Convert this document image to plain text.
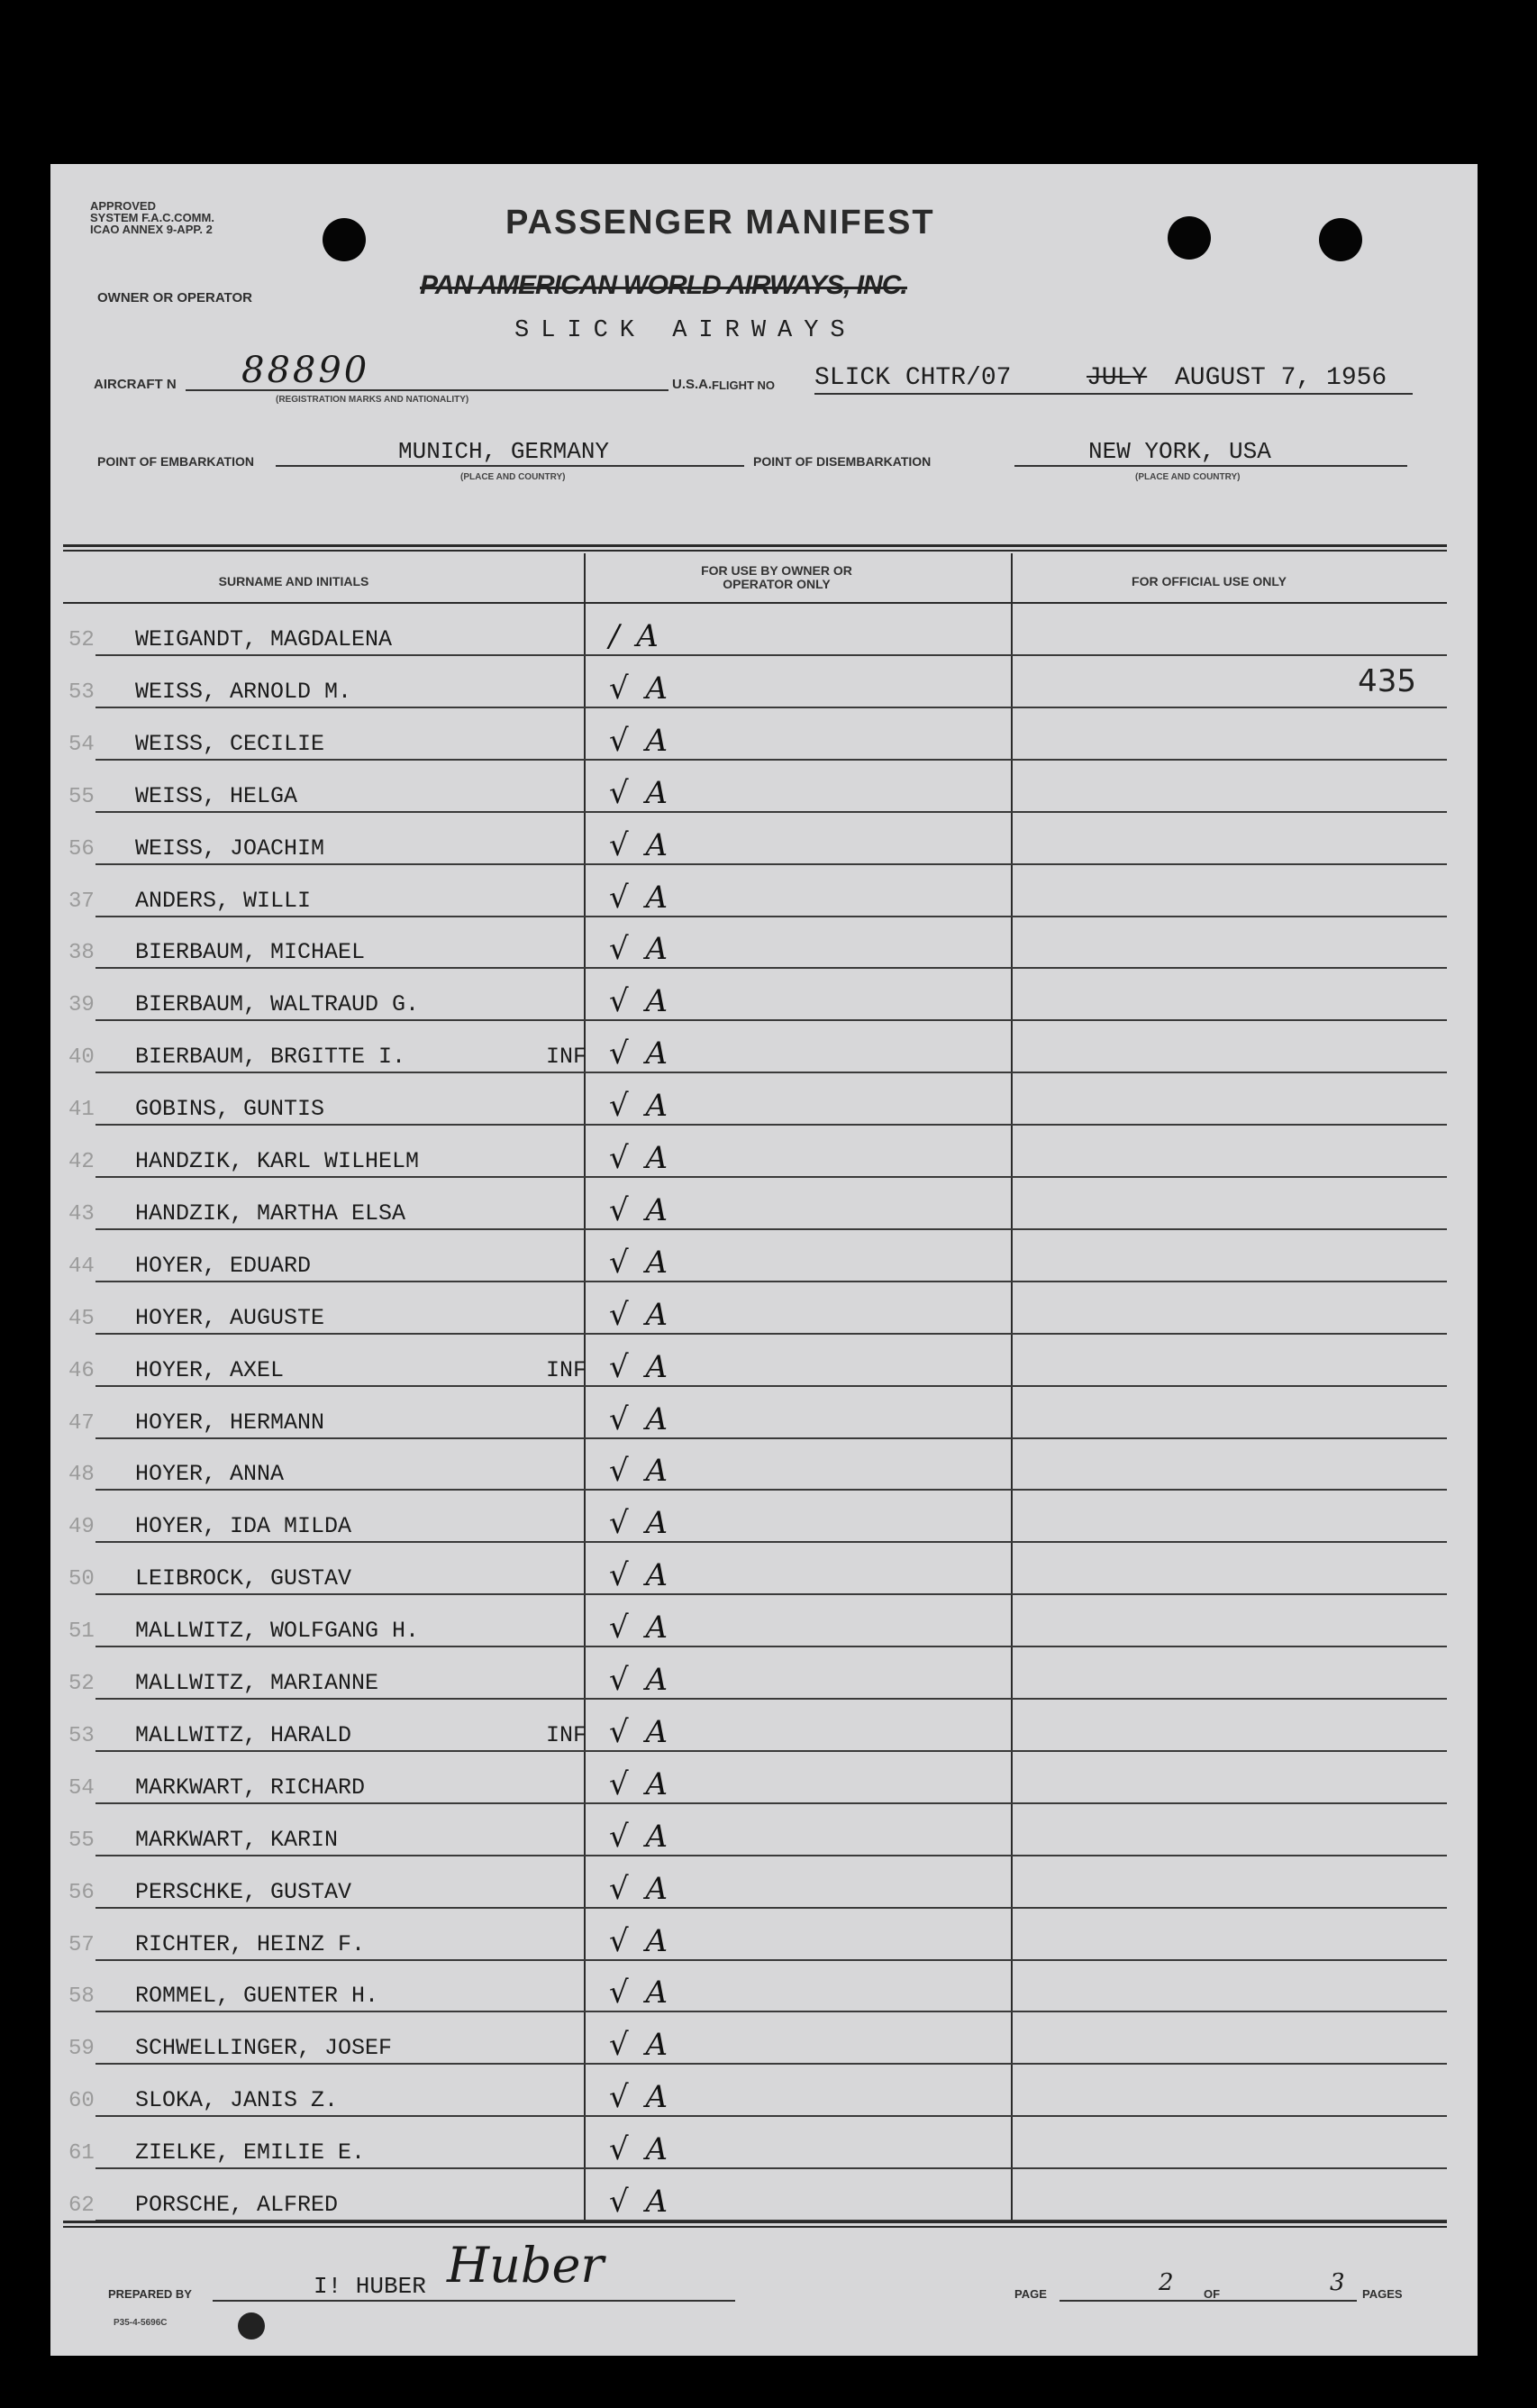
APPROVED
SYSTEM F.A.C.COMM.
ICAO ANNEX 9-APP. 2	PASSENGER MANIFEST
OWNER OR OPERATOR	PAN AMERICAN WORLD AIRWAYS, INC.
SLICK AIRWAYS
AIRCRAFT N 88890
(REGISTRATION MARKS AND NATIONALITY)
U.S.A. FLIGHT NO SLICK CHTR/07	JULY AUGUST 7, 1956
POINT OF EMBARKATION	MUNICH, GERMANY
(PLACE AND COUNTRY)
POINT OF DISEMBARKATION	NEW YORK, USA
(PLACE AND COUNTRY)
SURNAME AND INITIALS
FOR USE BY OWNER OR OPERATOR ONLY	FOR OFFICIAL USE ONLY
52 WEIGANDT, MAGDALENA	/ A
53 WEISS, ARNOLD M.	√ A	435
54 WEISS, CECILIE	√ A
55 WEISS, HELGA	√ A
56 WEISS, JOACHIM	√ A
37 ANDERS, WILLI	√ A
38 BIERBAUM, MICHAEL	√ A
39 BIERBAUM, WALTRAUD G.	√ A
40 BIERBAUM, BRGITTE I.	INF √ A
41 GOBINS, GUNTIS	√ A
42 HANDZIK, KARL WILHELM	√ A
43 HANDZIK, MARTHA ELSA	√ A
44 HOYER, EDUARD	√ A
45 HOYER, AUGUSTE	√ A
46 HOYER, AXEL	INF √ A
47 HOYER, HERMANN	√ A
48 HOYER, ANNA	√ A
49 HOYER, IDA MILDA	√ A
50 LEIBROCK, GUSTAV	√ A
51 MALLWITZ, WOLFGANG H.	√ A
52 MALLWITZ, MARIANNE	√ A
53 MALLWITZ, HARALD	INF √ A
54 MARKWART, RICHARD	√ A
55 MARKWART, KARIN	√ A
56 PERSCHKE, GUSTAV	√ A
57 RICHTER, HEINZ F.	√ A
58 ROMMEL, GUENTER H.	√ A
59 SCHWELLINGER, JOSEF	√ A
60 SLOKA, JANIS Z.	√ A
61 ZIELKE, EMILIE E.	√ A
62 PORSCHE, ALFRED	√ A
PREPARED BY	I! HUBER Huber
PAGE	2	OF	3 PAGES
P35-4-5696C
